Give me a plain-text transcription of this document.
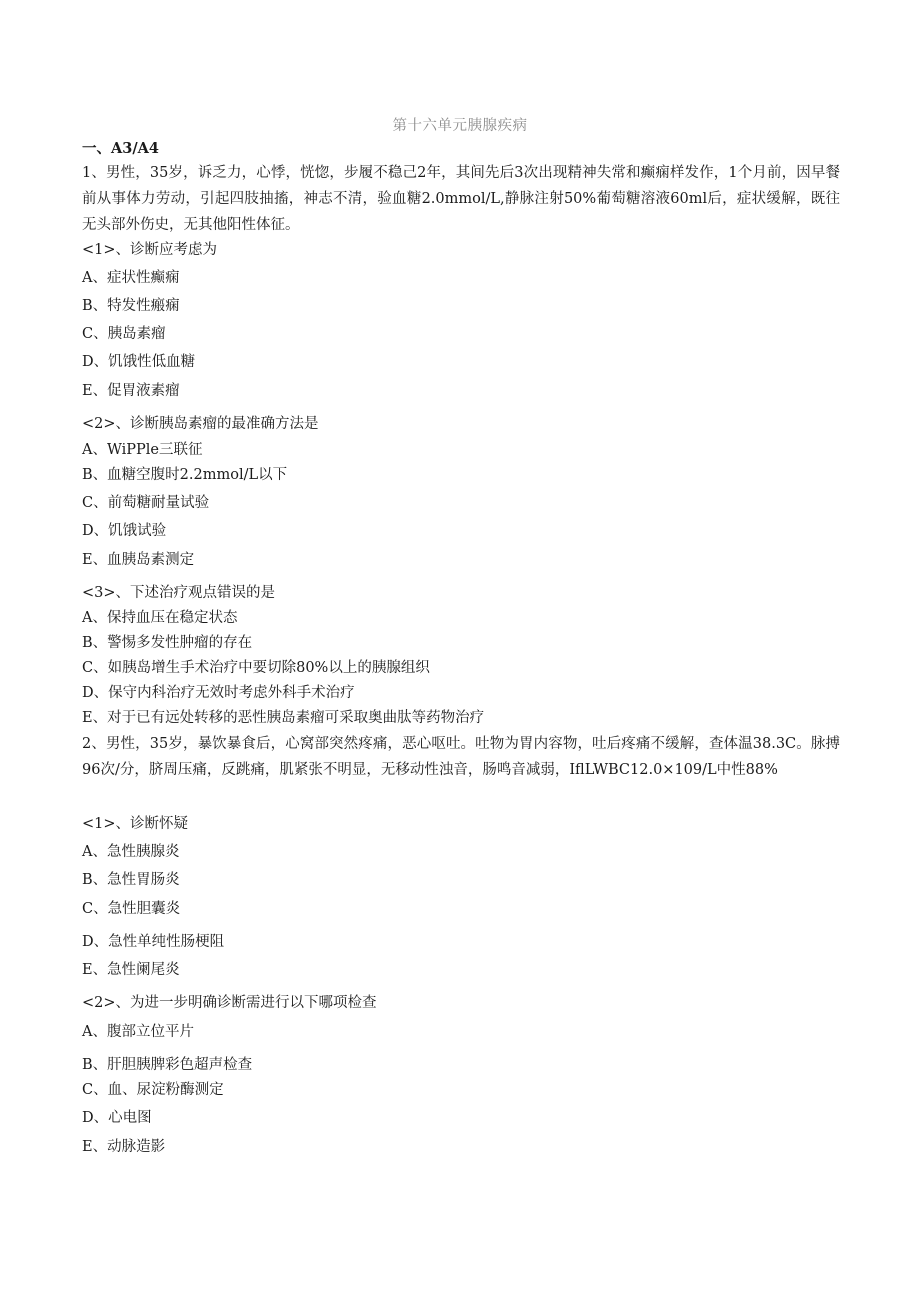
第十六单元胰腺疾病
一、A3/A4
1、男性，35岁，诉乏力，心悸，恍惚，步履不稳己2年，其间先后3次出现精神失常和癫痫样发作，1个月前，因早餐前从事体力劳动，引起四肢抽搐，神志不清，验血糖2.0mmol∕L,静脉注射50%葡萄糖溶液60ml后，症状缓解，既往无头部外伤史，无其他阳性体征。
<1>、诊断应考虑为
A、症状性癫痫
B、特发性瘢痫
C、胰岛素瘤
D、饥饿性低血糖
E、促胃液素瘤
<2>、诊断胰岛素瘤的最准确方法是
A、WiPPle三联征
B、血糖空腹时2.2mmol/L以下
C、前萄糖耐量试验
D、饥饿试验
E、血胰岛素测定
<3>、下述治疗观点错误的是
A、保持血压在稳定状态
B、警惕多发性肿瘤的存在
C、如胰岛增生手术治疗中要切除80%以上的胰腺组织
D、保守内科治疗无效时考虑外科手术治疗
E、对于已有远处转移的恶性胰岛素瘤可采取奥曲肽等药物治疗
2、男性，35岁，暴饮暴食后，心窝部突然疼痛，恶心呕吐。吐物为胃内容物，吐后疼痛不缓解，查体温38.3C。脉搏96次/分，脐周压痛，反跳痛，肌紧张不明显，无移动性浊音，肠鸣音减弱，IflLWBC12.0×109/L中性88%
<1>、诊断怀疑
A、急性胰腺炎
B、急性胃肠炎
C、急性胆囊炎
D、急性单纯性肠梗阻
E、急性阑尾炎
<2>、为进一步明确诊断需进行以下哪项检查
A、腹部立位平片
B、肝胆胰脾彩色超声检查
C、血、尿淀粉酶测定
D、心电图
E、动脉造影
